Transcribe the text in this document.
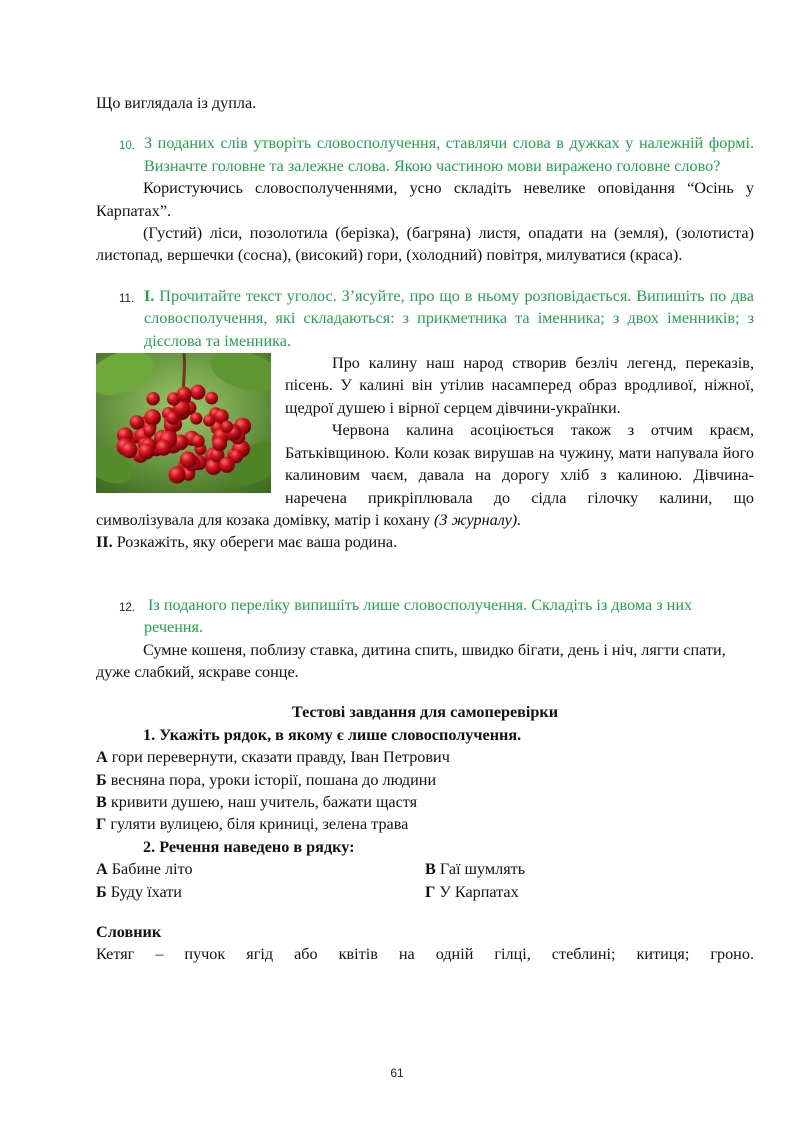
Що виглядала із дупла.

10. З поданих слів утворіть словосполучення, ставлячи слова в дужках у належній формі. Визначте головне та залежне слова. Якою частиною мови виражено головне слово?

Користуючись словосполученнями, усно складіть невелике оповідання “Осінь у Карпатах”.

(Густий) ліси, позолотила (берізка), (багряна) листя, опадати на (земля), (золотиста) листопад, вершечки (сосна), (високий) гори, (холодний) повітря, милуватися (краса).

11. I. Прочитайте текст уголос. З’ясуйте, про що в ньому розповідається. Випишіть по два словосполучення, які складаються: з прикметника та іменника; з двох іменників; з дієслова та іменника.

Про калину наш народ створив безліч легенд, переказів, пісень. У калині він утілив насамперед образ вродливої, ніжної, щедрої душею і вірної серцем дівчини-українки.

Червона калина асоціюється також з отчим краєм, Батьківщиною. Коли козак вирушав на чужину, мати напувала його калиновим чаєм, давала на дорогу хліб з калиною. Дівчина-наречена прикріплювала до сідла гілочку калини, що символізувала для козака домівку, матір і кохану (З журналу).

II. Розкажіть, яку обереги має ваша родина.

12. Із поданого переліку випишіть лише словосполучення. Складіть із двома з них речення.

Сумне кошеня, поблизу ставка, дитина спить, швидко бігати, день і ніч, лягти спати, дуже слабкий, яскраве сонце.

Тестові завдання для самоперевірки

1. Укажіть рядок, в якому є лише словосполучення.

А гори перевернути, сказати правду, Іван Петрович

Б весняна пора, уроки історії, пошана до людини

В кривити душею, наш учитель, бажати щастя

Г гуляти вулицею, біля криниці, зелена трава

2. Речення наведено в рядку:

А Бабине літо	В Гаї шумлять

Б Буду їхати	Г У Карпатах

Словник

Кетяг – пучок ягід або квітів на одній гілці, стеблині; китиця; гроно.

61
